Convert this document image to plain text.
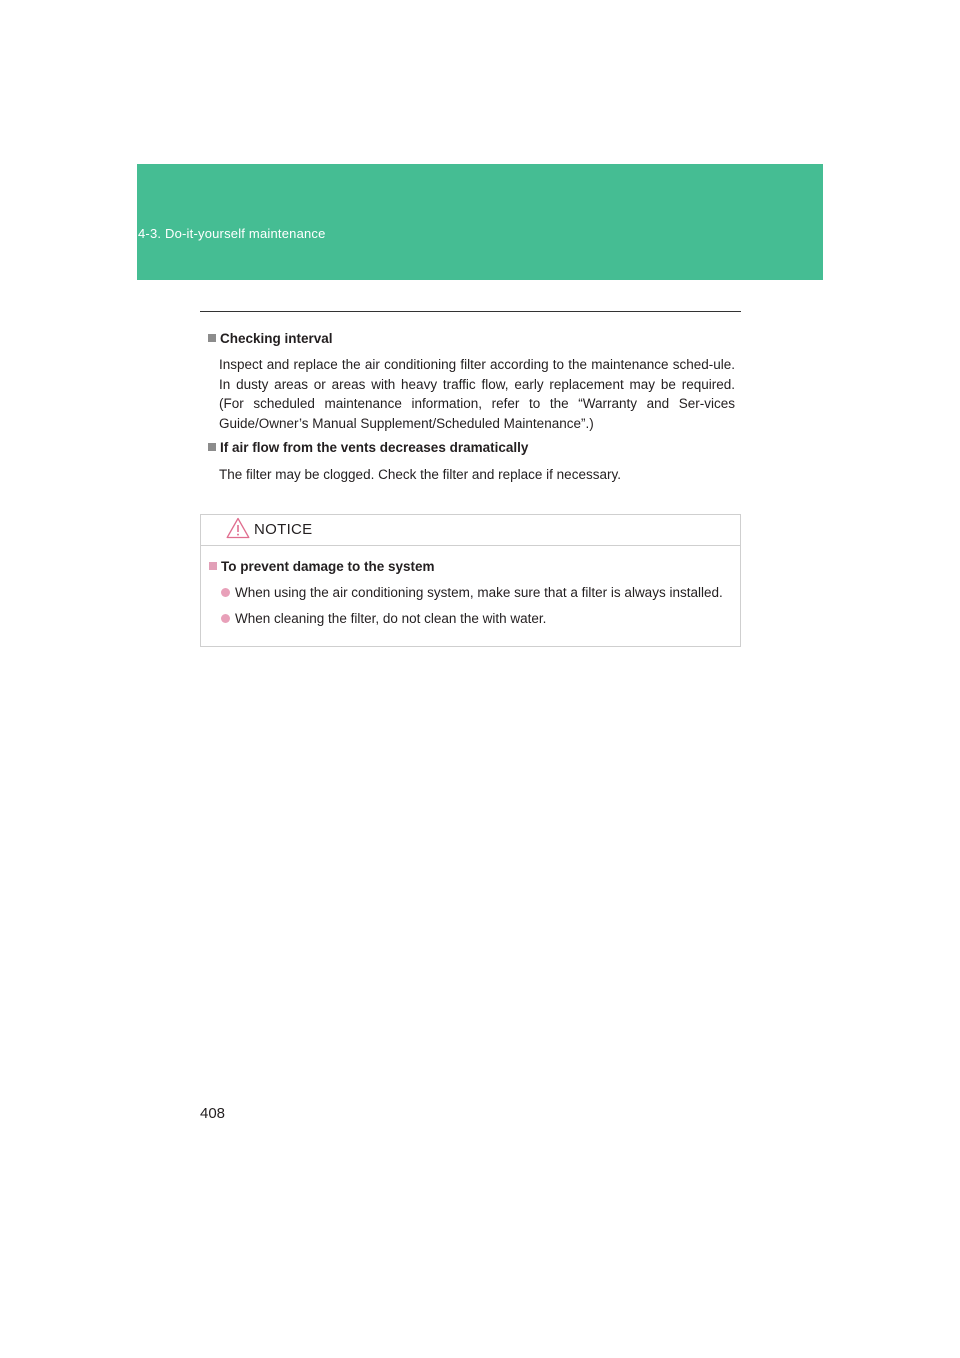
4-3. Do-it-yourself maintenance
Checking interval
Inspect and replace the air conditioning filter according to the maintenance sched-ule. In dusty areas or areas with heavy traffic flow, early replacement may be required. (For scheduled maintenance information, refer to the “Warranty and Ser-vices Guide/Owner’s Manual Supplement/Scheduled Maintenance”.)
If air flow from the vents decreases dramatically
The filter may be clogged. Check the filter and replace if necessary.
NOTICE
To prevent damage to the system
When using the air conditioning system, make sure that a filter is always installed.
When cleaning the filter, do not clean the with water.
408
